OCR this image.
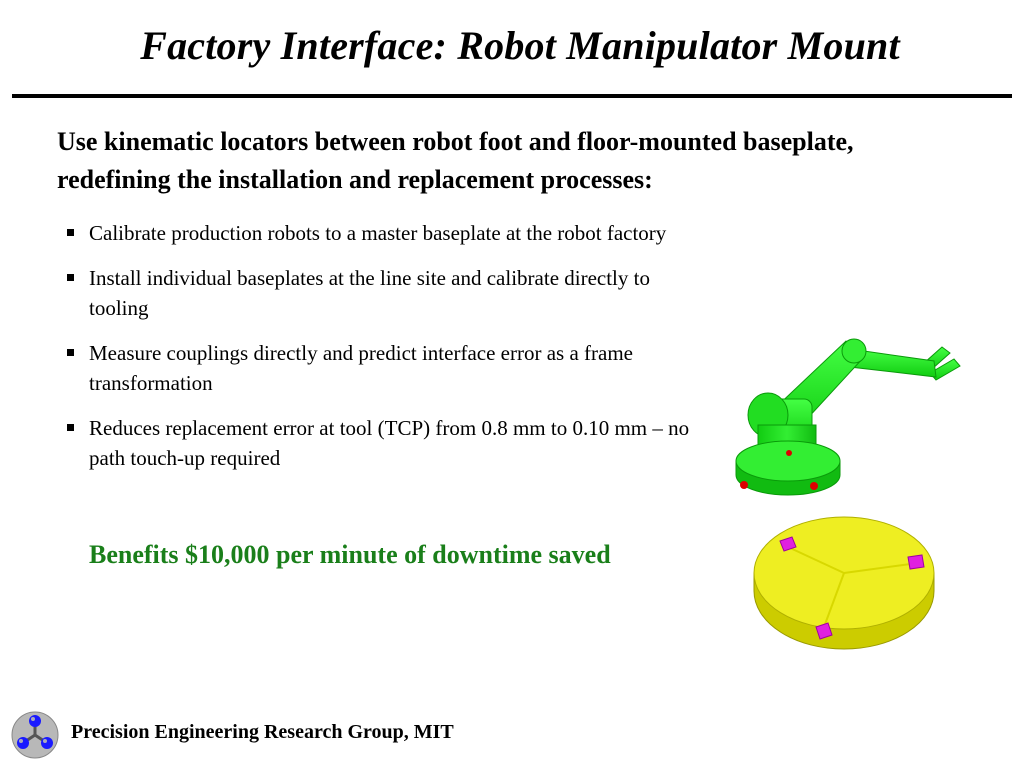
Factory Interface: Robot Manipulator Mount

Use kinematic locators between robot foot and floor-mounted baseplate, redefining the installation and replacement processes:

Calibrate production robots to a master baseplate at the robot factory
Install individual baseplates at the line site and calibrate directly to tooling
Measure couplings directly and predict interface error as a frame transformation
Reduces replacement error at tool (TCP) from 0.8 mm to 0.10 mm – no path touch-up required

Benefits $10,000 per minute of downtime saved

Precision Engineering Research Group, MIT
